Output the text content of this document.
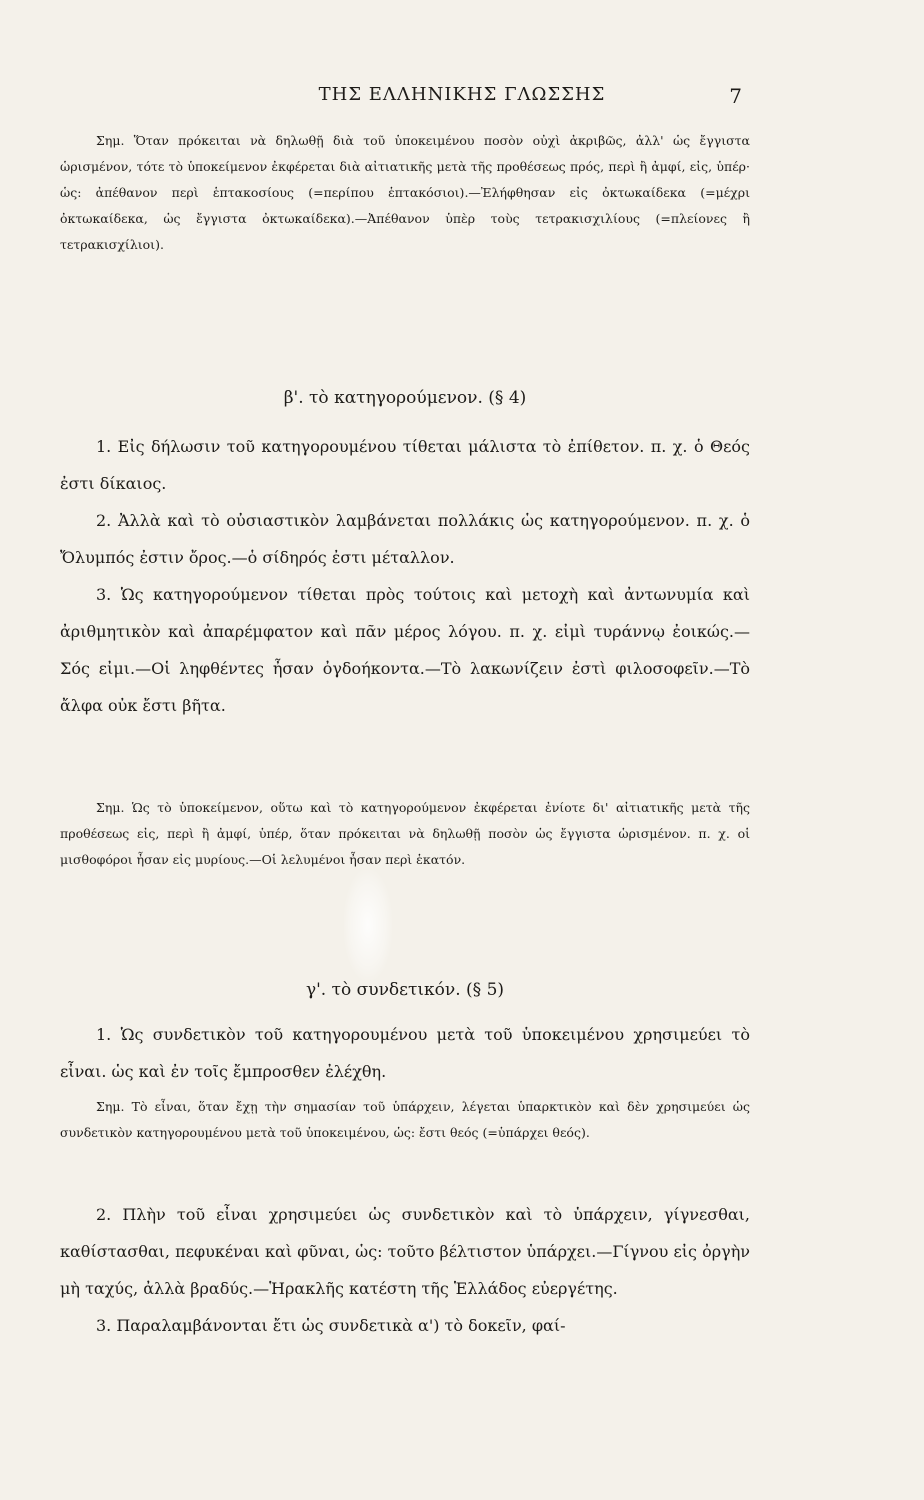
ΤΗΣ ΕΛΛΗΝΙΚΗΣ ΓΛΩΣΣΗΣ	7

Σημ. Ὅταν πρόκειται νὰ δηλωθῇ διὰ τοῦ ὑποκειμένου ποσὸν οὐχὶ ἀκριβῶς, ἀλλ' ὡς ἔγγιστα ὡρισμένον, τότε τὸ ὑποκείμενον ἐκφέρεται διὰ αἰτιατικῆς μετὰ τῆς προθέσεως πρός, περὶ ἢ ἀμφί, εἰς, ὑπέρ· ὡς: ἀπέθανον περὶ ἑπτακοσίους (=περίπου ἑπτακόσιοι).—Ἐλήφθησαν εἰς ὀκτωκαίδεκα (=μέχρι ὀκτωκαίδεκα, ὡς ἔγγιστα ὀκτωκαίδεκα).—Ἀπέθανον ὑπὲρ τοὺς τετρακισχιλίους (=πλείονες ἢ τετρακισχίλιοι).

β'. τὸ κατηγορούμενον. (§ 4)

1. Εἰς δήλωσιν τοῦ κατηγορουμένου τίθεται μάλιστα τὸ ἐπίθετον. π. χ. ὁ Θεός ἐστι δίκαιος.

2. Ἀλλὰ καὶ τὸ οὐσιαστικὸν λαμβάνεται πολλάκις ὡς κατηγορούμενον. π. χ. ὁ Ὄλυμπός ἐστιν ὄρος.—ὁ σίδηρός ἐστι μέταλλον.

3. Ὡς κατηγορούμενον τίθεται πρὸς τούτοις καὶ μετοχὴ καὶ ἀντωνυμία καὶ ἀριθμητικὸν καὶ ἀπαρέμφατον καὶ πᾶν μέρος λόγου. π. χ. εἰμὶ τυράννῳ ἐοικώς.—Σός εἰμι.—Οἱ ληφθέντες ἦσαν ὀγδοήκοντα.—Τὸ λακωνίζειν ἐστὶ φιλοσοφεῖν.—Τὸ ἄλφα οὐκ ἔστι βῆτα.

Σημ. Ὡς τὸ ὑποκείμενον, οὕτω καὶ τὸ κατηγορούμενον ἐκφέρεται ἐνίοτε δι' αἰτιατικῆς μετὰ τῆς προθέσεως εἰς, περὶ ἢ ἀμφί, ὑπέρ, ὅταν πρόκειται νὰ δηλωθῇ ποσὸν ὡς ἔγγιστα ὡρισμένον. π. χ. οἱ μισθοφόροι ἦσαν εἰς μυρίους.—Οἱ λελυμένοι ἦσαν περὶ ἑκατόν.

γ'. τὸ συνδετικόν. (§ 5)

1. Ὡς συνδετικὸν τοῦ κατηγορουμένου μετὰ τοῦ ὑποκειμένου χρησιμεύει τὸ εἶναι. ὡς καὶ ἐν τοῖς ἔμπροσθεν ἐλέχθη.

Σημ. Τὸ εἶναι, ὅταν ἔχῃ τὴν σημασίαν τοῦ ὑπάρχειν, λέγεται ὑπαρκτικὸν καὶ δὲν χρησιμεύει ὡς συνδετικὸν κατηγορουμένου μετὰ τοῦ ὑποκειμένου, ὡς: ἔστι θεός (=ὑπάρχει θεός).

2. Πλὴν τοῦ εἶναι χρησιμεύει ὡς συνδετικὸν καὶ τὸ ὑπάρχειν, γίγνεσθαι, καθίστασθαι, πεφυκέναι καὶ φῦναι, ὡς: τοῦτο βέλτιστον ὑπάρχει.—Γίγνου εἰς ὀργὴν μὴ ταχύς, ἀλλὰ βραδύς.—Ἡρακλῆς κατέστη τῆς Ἑλλάδος εὐεργέτης.

3. Παραλαμβάνονται ἔτι ὡς συνδετικὰ α') τὸ δοκεῖν, φαί-
